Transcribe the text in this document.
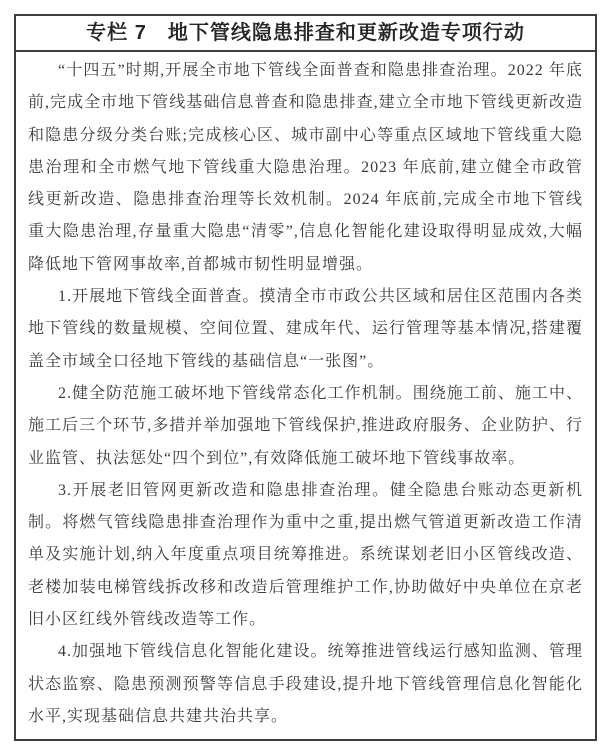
专栏 7　地下管线隐患排查和更新改造专项行动

“十四五”时期,开展全市地下管线全面普查和隐患排查治理。2022 年底前,完成全市地下管线基础信息普查和隐患排查,建立全市地下管线更新改造和隐患分级分类台账;完成核心区、城市副中心等重点区域地下管线重大隐患治理和全市燃气地下管线重大隐患治理。2023 年底前,建立健全市政管线更新改造、隐患排查治理等长效机制。2024 年底前,完成全市地下管线重大隐患治理,存量重大隐患“清零”,信息化智能化建设取得明显成效,大幅降低地下管网事故率,首都城市韧性明显增强。

1.开展地下管线全面普查。摸清全市市政公共区域和居住区范围内各类地下管线的数量规模、空间位置、建成年代、运行管理等基本情况,搭建覆盖全市域全口径地下管线的基础信息“一张图”。

2.健全防范施工破坏地下管线常态化工作机制。围绕施工前、施工中、施工后三个环节,多措并举加强地下管线保护,推进政府服务、企业防护、行业监管、执法惩处“四个到位”,有效降低施工破坏地下管线事故率。

3.开展老旧管网更新改造和隐患排查治理。健全隐患台账动态更新机制。将燃气管线隐患排查治理作为重中之重,提出燃气管道更新改造工作清单及实施计划,纳入年度重点项目统筹推进。系统谋划老旧小区管线改造、老楼加装电梯管线拆改移和改造后管理维护工作,协助做好中央单位在京老旧小区红线外管线改造等工作。

4.加强地下管线信息化智能化建设。统筹推进管线运行感知监测、管理状态监察、隐患预测预警等信息手段建设,提升地下管线管理信息化智能化水平,实现基础信息共建共治共享。
